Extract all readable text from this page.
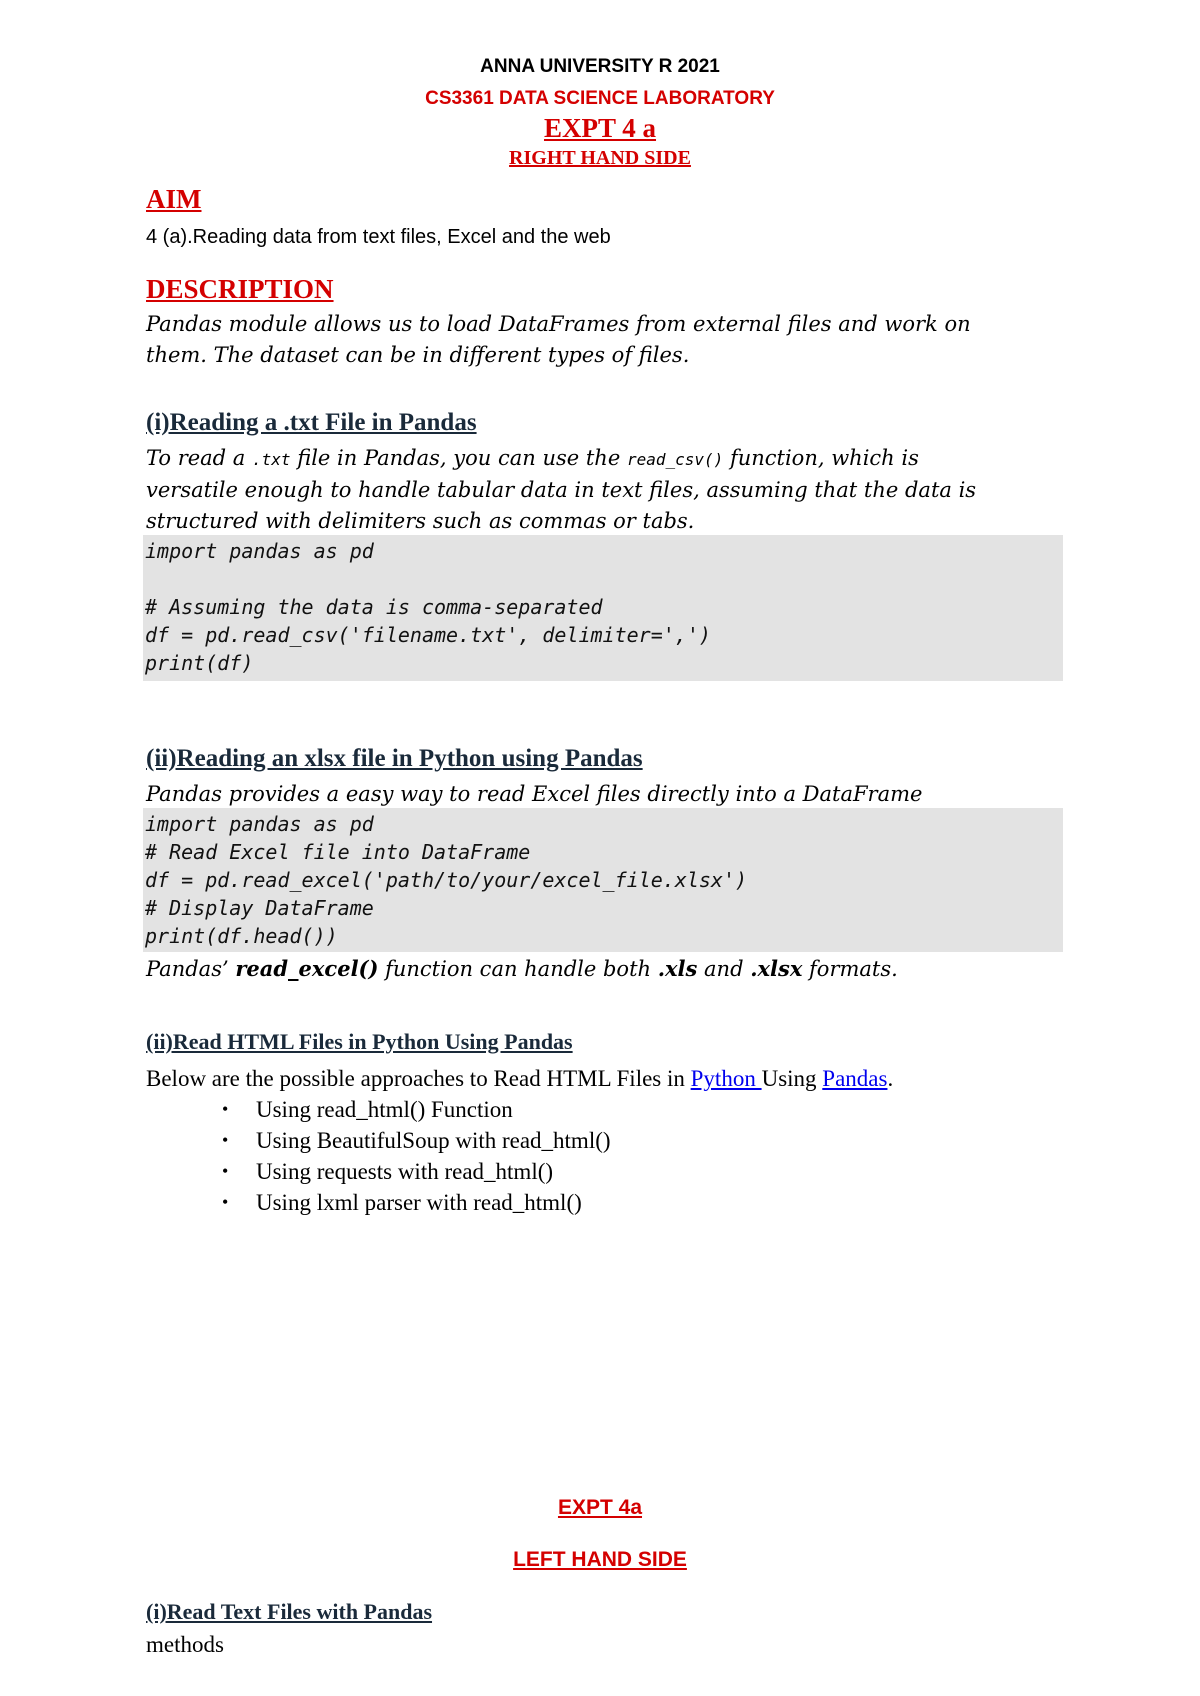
ANNA UNIVERSITY R 2021
CS3361 DATA SCIENCE LABORATORY
EXPT 4 a
RIGHT HAND SIDE
AIM
4 (a).Reading data from text files, Excel and the web
DESCRIPTION
Pandas module allows us to load DataFrames from external files and work on
them. The dataset can be in different types of files.
(i)Reading a .txt File in Pandas
To read a .txt file in Pandas, you can use the read_csv() function, which is
versatile enough to handle tabular data in text files, assuming that the data is
structured with delimiters such as commas or tabs.
import pandas as pd
# Assuming the data is comma-separated
df = pd.read_csv('filename.txt', delimiter=',')
print(df)
(ii)Reading an xlsx file in Python using Pandas
Pandas provides a easy way to read Excel files directly into a DataFrame
import pandas as pd
# Read Excel file into DataFrame
df = pd.read_excel('path/to/your/excel_file.xlsx')
# Display DataFrame
print(df.head())
Pandas’ read_excel() function can handle both .xls and .xlsx formats.
(ii)Read HTML Files in Python Using Pandas
Below are the possible approaches to Read HTML Files in Python Using Pandas.
• Using read_html() Function
• Using BeautifulSoup with read_html()
• Using requests with read_html()
• Using lxml parser with read_html()
EXPT 4a
LEFT HAND SIDE
(i)Read Text Files with Pandas
methods
